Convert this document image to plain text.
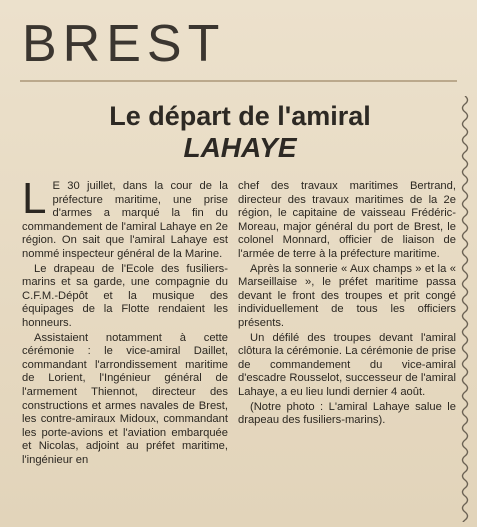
BREST
Le départ de l'amiral
LAHAYE

L E 30 juillet, dans la cour de la préfecture maritime, une prise d'armes a marqué la fin du commandement de l'amiral Lahaye en 2e région. On sait que l'amiral Lahaye est nommé inspecteur général de la Marine.

Le drapeau de l'Ecole des fusiliers-marins et sa garde, une compagnie du C.F.M.-Dépôt et la musique des équipages de la Flotte rendaient les honneurs.

Assistaient notamment à cette cérémonie : le vice-amiral Daillet, commandant l'arrondissement maritime de Lorient, l'Ingénieur général de l'armement Thiennot, directeur des constructions et armes navales de Brest, les contre-amiraux Midoux, commandant les porte-avions et l'aviation embarquée et Nicolas, adjoint au préfet maritime, l'ingénieur en

chef des travaux maritimes Bertrand, directeur des travaux maritimes de la 2e région, le capitaine de vaisseau Frédéric-Moreau, major général du port de Brest, le colonel Monnard, officier de liaison de l'armée de terre à la préfecture maritime.

Après la sonnerie « Aux champs » et la « Marseillaise », le préfet maritime passa devant le front des troupes et prit congé individuellement de tous les officiers présents.

Un défilé des troupes devant l'amiral clôtura la cérémonie. La cérémonie de prise de commandement du vice-amiral d'escadre Rousselot, successeur de l'amiral Lahaye, a eu lieu lundi dernier 4 août.

(Notre photo : L'amiral Lahaye salue le drapeau des fusiliers-marins).
